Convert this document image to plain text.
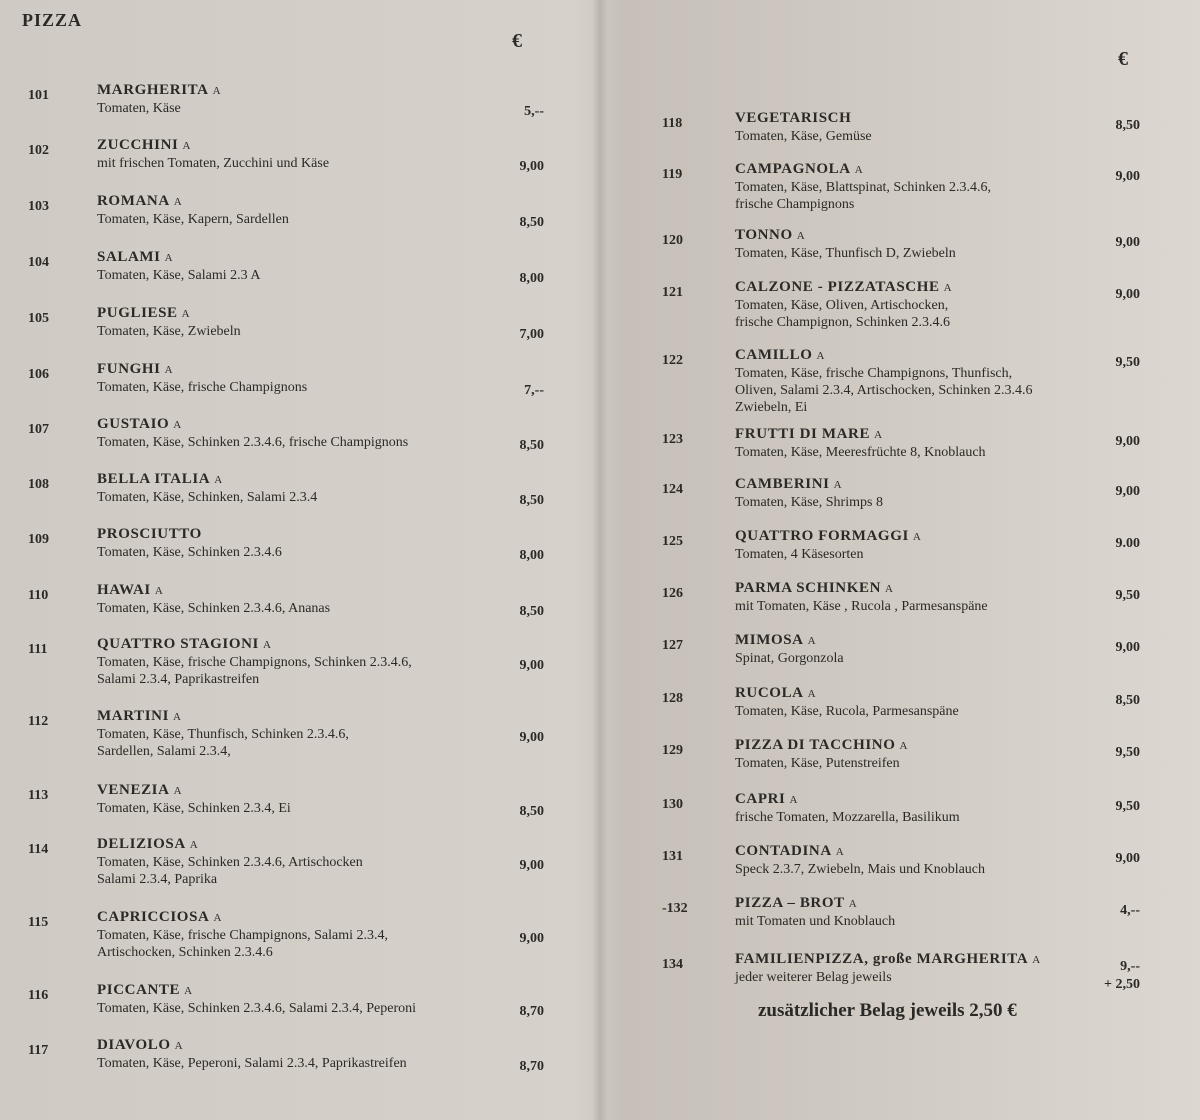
PIZZA
€
101	MARGHERITA A
Tomaten, Käse	5,--
102	ZUCCHINI A
mit frischen Tomaten, Zucchini und Käse	9,00
103	ROMANA A
Tomaten, Käse, Kapern, Sardellen	8,50
104	SALAMI A
Tomaten, Käse, Salami 2.3 A	8,00
105	PUGLIESE A
Tomaten, Käse, Zwiebeln	7,00
106	FUNGHI A
Tomaten, Käse, frische Champignons	7,--
107	GUSTAIO A
Tomaten, Käse, Schinken 2.3.4.6, frische Champignons	8,50
108	BELLA ITALIA A
Tomaten, Käse, Schinken, Salami 2.3.4	8,50
109	PROSCIUTTO
Tomaten, Käse, Schinken 2.3.4.6	8,00
110	HAWAI A
Tomaten, Käse, Schinken 2.3.4.6, Ananas	8,50
111	QUATTRO STAGIONI A
Tomaten, Käse, frische Champignons, Schinken 2.3.4.6,
Salami 2.3.4, Paprikastreifen
9,00
112	MARTINI A
Tomaten, Käse, Thunfisch, Schinken 2.3.4.6,
Sardellen, Salami 2.3.4,
9,00
113	VENEZIA A
Tomaten, Käse, Schinken 2.3.4, Ei	8,50
114	DELIZIOSA A
Tomaten, Käse, Schinken 2.3.4.6, Artischocken
Salami 2.3.4, Paprika
9,00
115	CAPRICCIOSA A
Tomaten, Käse, frische Champignons, Salami 2.3.4,
Artischocken, Schinken 2.3.4.6
9,00
116	PICCANTE A
Tomaten, Käse, Schinken 2.3.4.6, Salami 2.3.4, Peperoni	8,70
117	DIAVOLO A
Tomaten, Käse, Peperoni, Salami 2.3.4, Paprikastreifen	8,70
€
118	VEGETARISCH
Tomaten, Käse, Gemüse
8,50
119	CAMPAGNOLA A
Tomaten, Käse, Blattspinat, Schinken 2.3.4.6,
frische Champignons
9,00
120	TONNO A
Tomaten, Käse, Thunfisch D, Zwiebeln
9,00
121	CALZONE - PIZZATASCHE A
Tomaten, Käse, Oliven, Artischocken,
frische Champignon, Schinken 2.3.4.6
9,00
122	CAMILLO A
Tomaten, Käse, frische Champignons, Thunfisch,
Oliven, Salami 2.3.4, Artischocken, Schinken 2.3.4.6
Zwiebeln, Ei
9,50
123	FRUTTI DI MARE A
Tomaten, Käse, Meeresfrüchte 8, Knoblauch
9,00
124	CAMBERINI A
Tomaten, Käse, Shrimps 8
9,00
125	QUATTRO FORMAGGI A
Tomaten, 4 Käsesorten
9.00
126	PARMA SCHINKEN A
mit Tomaten, Käse , Rucola , Parmesanspäne
9,50
127	MIMOSA A
Spinat, Gorgonzola
9,00
128	RUCOLA A
Tomaten, Käse, Rucola, Parmesanspäne
8,50
129	PIZZA DI TACCHINO A
Tomaten, Käse, Putenstreifen
9,50
130	CAPRI A
frische Tomaten, Mozzarella, Basilikum
9,50
131	CONTADINA A
Speck 2.3.7, Zwiebeln, Mais und Knoblauch
9,00
-132	PIZZA – BROT A
mit Tomaten und Knoblauch
4,--
134	FAMILIENPIZZA, große MARGHERITA A
jeder weiterer Belag jeweils
9,--
+ 2,50
zusätzlicher Belag jeweils 2,50 €
